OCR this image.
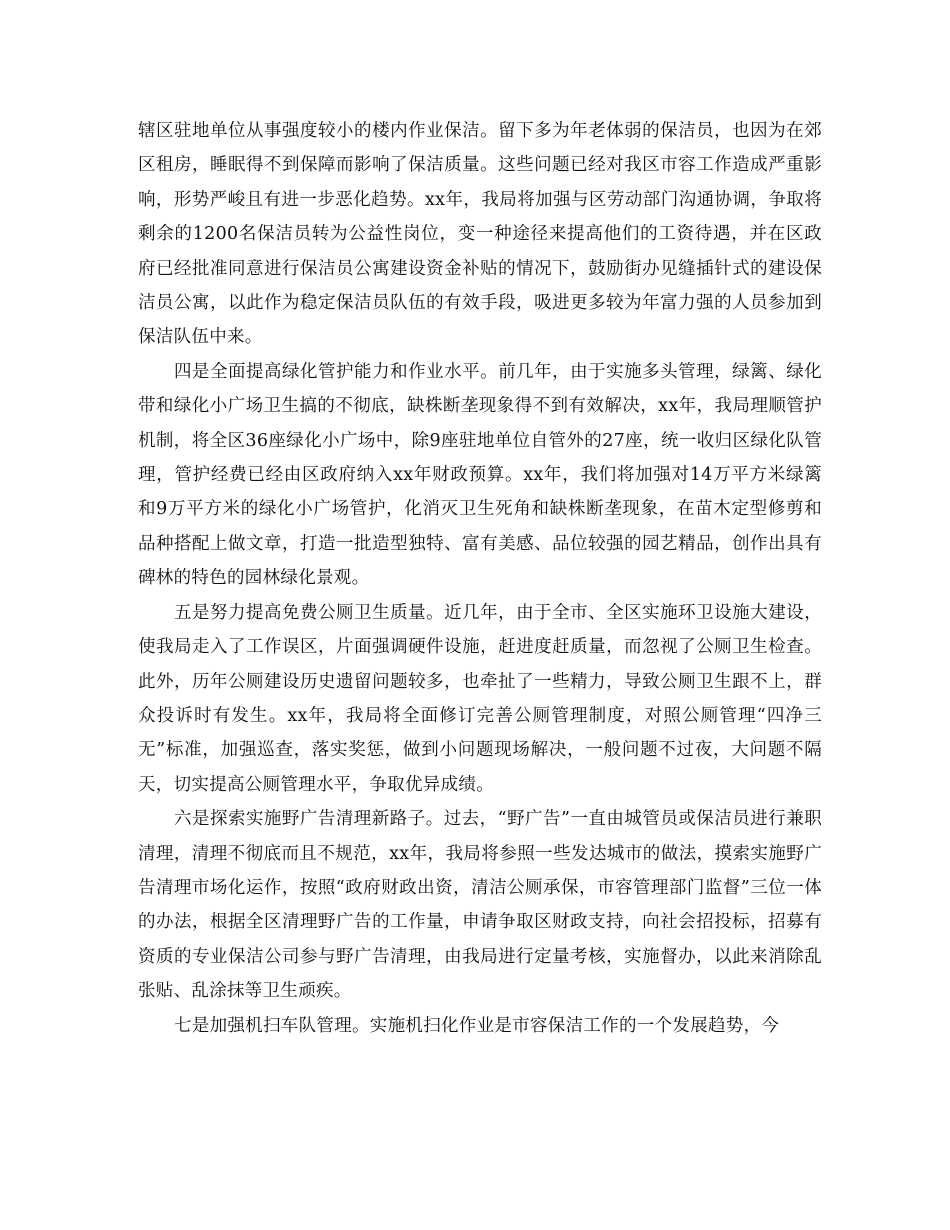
辖区驻地单位从事强度较小的楼内作业保洁。留下多为年老体弱的保洁员，也因为在郊区租房，睡眠得不到保障而影响了保洁质量。这些问题已经对我区市容工作造成严重影响，形势严峻且有进一步恶化趋势。xx年，我局将加强与区劳动部门沟通协调，争取将剩余的1200名保洁员转为公益性岗位，变一种途径来提高他们的工资待遇，并在区政府已经批准同意进行保洁员公寓建设资金补贴的情况下，鼓励街办见缝插针式的建设保洁员公寓，以此作为稳定保洁员队伍的有效手段，吸进更多较为年富力强的人员参加到保洁队伍中来。

四是全面提高绿化管护能力和作业水平。前几年，由于实施多头管理，绿篱、绿化带和绿化小广场卫生搞的不彻底，缺株断垄现象得不到有效解决，xx年，我局理顺管护机制，将全区36座绿化小广场中，除9座驻地单位自管外的27座，统一收归区绿化队管理，管护经费已经由区政府纳入xx年财政预算。xx年，我们将加强对14万平方米绿篱和9万平方米的绿化小广场管护，化消灭卫生死角和缺株断垄现象，在苗木定型修剪和品种搭配上做文章，打造一批造型独特、富有美感、品位较强的园艺精品，创作出具有碑林的特色的园林绿化景观。

五是努力提高免费公厕卫生质量。近几年，由于全市、全区实施环卫设施大建设，使我局走入了工作误区，片面强调硬件设施，赶进度赶质量，而忽视了公厕卫生检查。此外，历年公厕建设历史遗留问题较多，也牵扯了一些精力，导致公厕卫生跟不上，群众投诉时有发生。xx年，我局将全面修订完善公厕管理制度，对照公厕管理“四净三无”标准，加强巡查，落实奖惩，做到小问题现场解决，一般问题不过夜，大问题不隔天，切实提高公厕管理水平，争取优异成绩。

六是探索实施野广告清理新路子。过去，“野广告”一直由城管员或保洁员进行兼职清理，清理不彻底而且不规范，xx年，我局将参照一些发达城市的做法，摸索实施野广告清理市场化运作，按照“政府财政出资，清洁公厕承保，市容管理部门监督”三位一体的办法，根据全区清理野广告的工作量，申请争取区财政支持，向社会招投标，招募有资质的专业保洁公司参与野广告清理，由我局进行定量考核，实施督办，以此来消除乱张贴、乱涂抹等卫生顽疾。

七是加强机扫车队管理。实施机扫化作业是市容保洁工作的一个发展趋势，今
